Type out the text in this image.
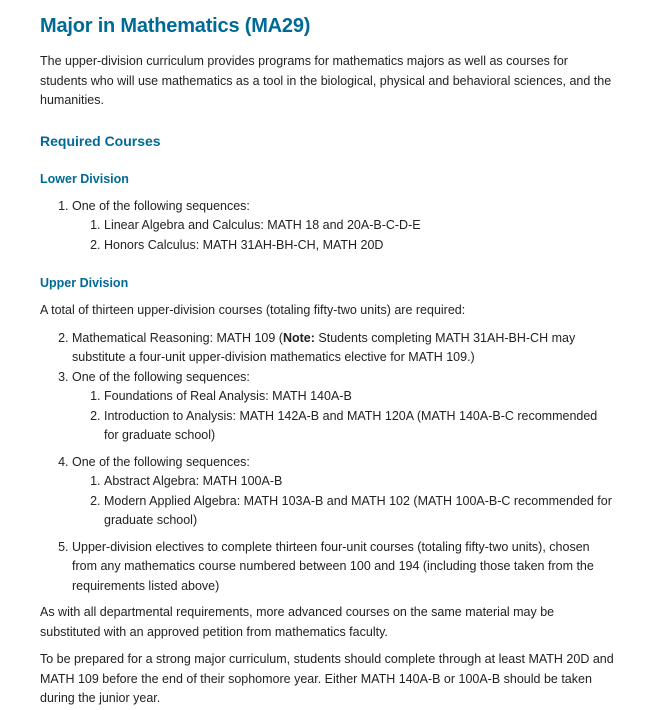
Major in Mathematics (MA29)

The upper-division curriculum provides programs for mathematics majors as well as courses for students who will use mathematics as a tool in the biological, physical and behavioral sciences, and the humanities.

Required Courses
Lower Division
1. One of the following sequences:
1. Linear Algebra and Calculus: MATH 18 and 20A-B-C-D-E
2. Honors Calculus: MATH 31AH-BH-CH, MATH 20D
Upper Division

A total of thirteen upper-division courses (totaling fifty-two units) are required:

2. Mathematical Reasoning: MATH 109 (Note: Students completing MATH 31AH-BH-CH may substitute a four-unit upper-division mathematics elective for MATH 109.)
3. One of the following sequences:
1. Foundations of Real Analysis: MATH 140A-B
2. Introduction to Analysis: MATH 142A-B and MATH 120A (MATH 140A-B-C recommended for graduate school)
4. One of the following sequences:
1. Abstract Algebra: MATH 100A-B
2. Modern Applied Algebra: MATH 103A-B and MATH 102 (MATH 100A-B-C recommended for graduate school)
5. Upper-division electives to complete thirteen four-unit courses (totaling fifty-two units), chosen from any mathematics course numbered between 100 and 194 (including those taken from the requirements listed above)

As with all departmental requirements, more advanced courses on the same material may be substituted with an approved petition from mathematics faculty.

To be prepared for a strong major curriculum, students should complete through at least MATH 20D and MATH 109 before the end of their sophomore year. Either MATH 140A-B or 100A-B should be taken during the junior year.
